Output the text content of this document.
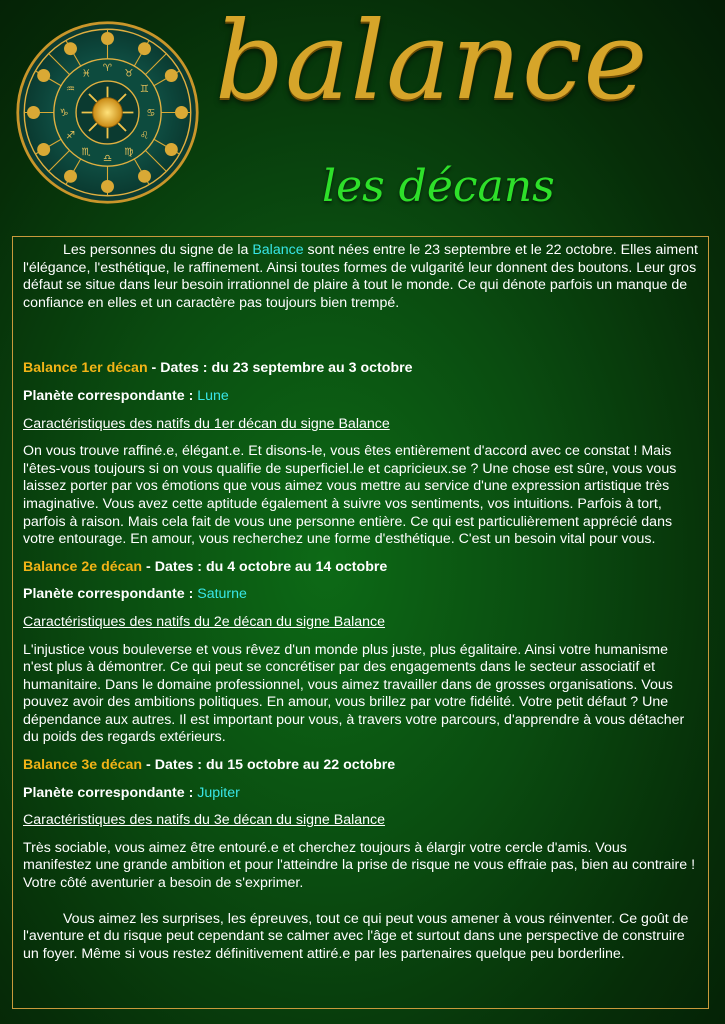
♈
♉
♊
♋
♌
♍
♎
♏
♐
♑
♒
♓ balance
les décans

Les personnes du signe de la Balance sont nées entre le 23 septembre et le 22 octobre. Elles aiment l'élégance, l'esthétique, le raffinement. Ainsi toutes formes de vulgarité leur donnent des boutons. Leur gros défaut se situe dans leur besoin irrationnel de plaire à tout le monde. Ce qui dénote parfois un manque de confiance en elles et un caractère pas toujours bien trempé.

Balance 1er décan - Dates : du 23 septembre au 3 octobre

Planète correspondante : Lune

Caractéristiques des natifs du 1er décan du signe Balance

On vous trouve raffiné.e, élégant.e. Et disons-le, vous êtes entièrement d'accord avec ce constat ! Mais l'êtes-vous toujours si on vous qualifie de superficiel.le et capricieux.se ? Une chose est sûre, vous vous laissez porter par vos émotions que vous aimez vous mettre au service d'une expression artistique très imaginative. Vous avez cette aptitude également à suivre vos sentiments, vos intuitions. Parfois à tort, parfois à raison. Mais cela fait de vous une personne entière. Ce qui est particulièrement apprécié dans votre entourage. En amour, vous recherchez une forme d'esthétique. C'est un besoin vital pour vous.

Balance 2e décan - Dates : du 4 octobre au 14 octobre

Planète correspondante : Saturne

Caractéristiques des natifs du 2e décan du signe Balance

L'injustice vous bouleverse et vous rêvez d'un monde plus juste, plus égalitaire. Ainsi votre humanisme n'est plus à démontrer. Ce qui peut se concrétiser par des engagements dans le secteur associatif et humanitaire. Dans le domaine professionnel, vous aimez travailler dans de grosses organisations. Vous pouvez avoir des ambitions politiques. En amour, vous brillez par votre fidélité. Votre petit défaut ? Une dépendance aux autres. Il est important pour vous, à travers votre parcours, d'apprendre à vous détacher du poids des regards extérieurs.

Balance 3e décan - Dates : du 15 octobre au 22 octobre

Planète correspondante : Jupiter

Caractéristiques des natifs du 3e décan du signe Balance

Très sociable, vous aimez être entouré.e et cherchez toujours à élargir votre cercle d'amis. Vous manifestez une grande ambition et pour l'atteindre la prise de risque ne vous effraie pas, bien au contraire ! Votre côté aventurier a besoin de s'exprimer.

Vous aimez les surprises, les épreuves, tout ce qui peut vous amener à vous réinventer. Ce goût de l'aventure et du risque peut cependant se calmer avec l'âge et surtout dans une perspective de construire un foyer. Même si vous restez définitivement attiré.e par les partenaires quelque peu borderline.
